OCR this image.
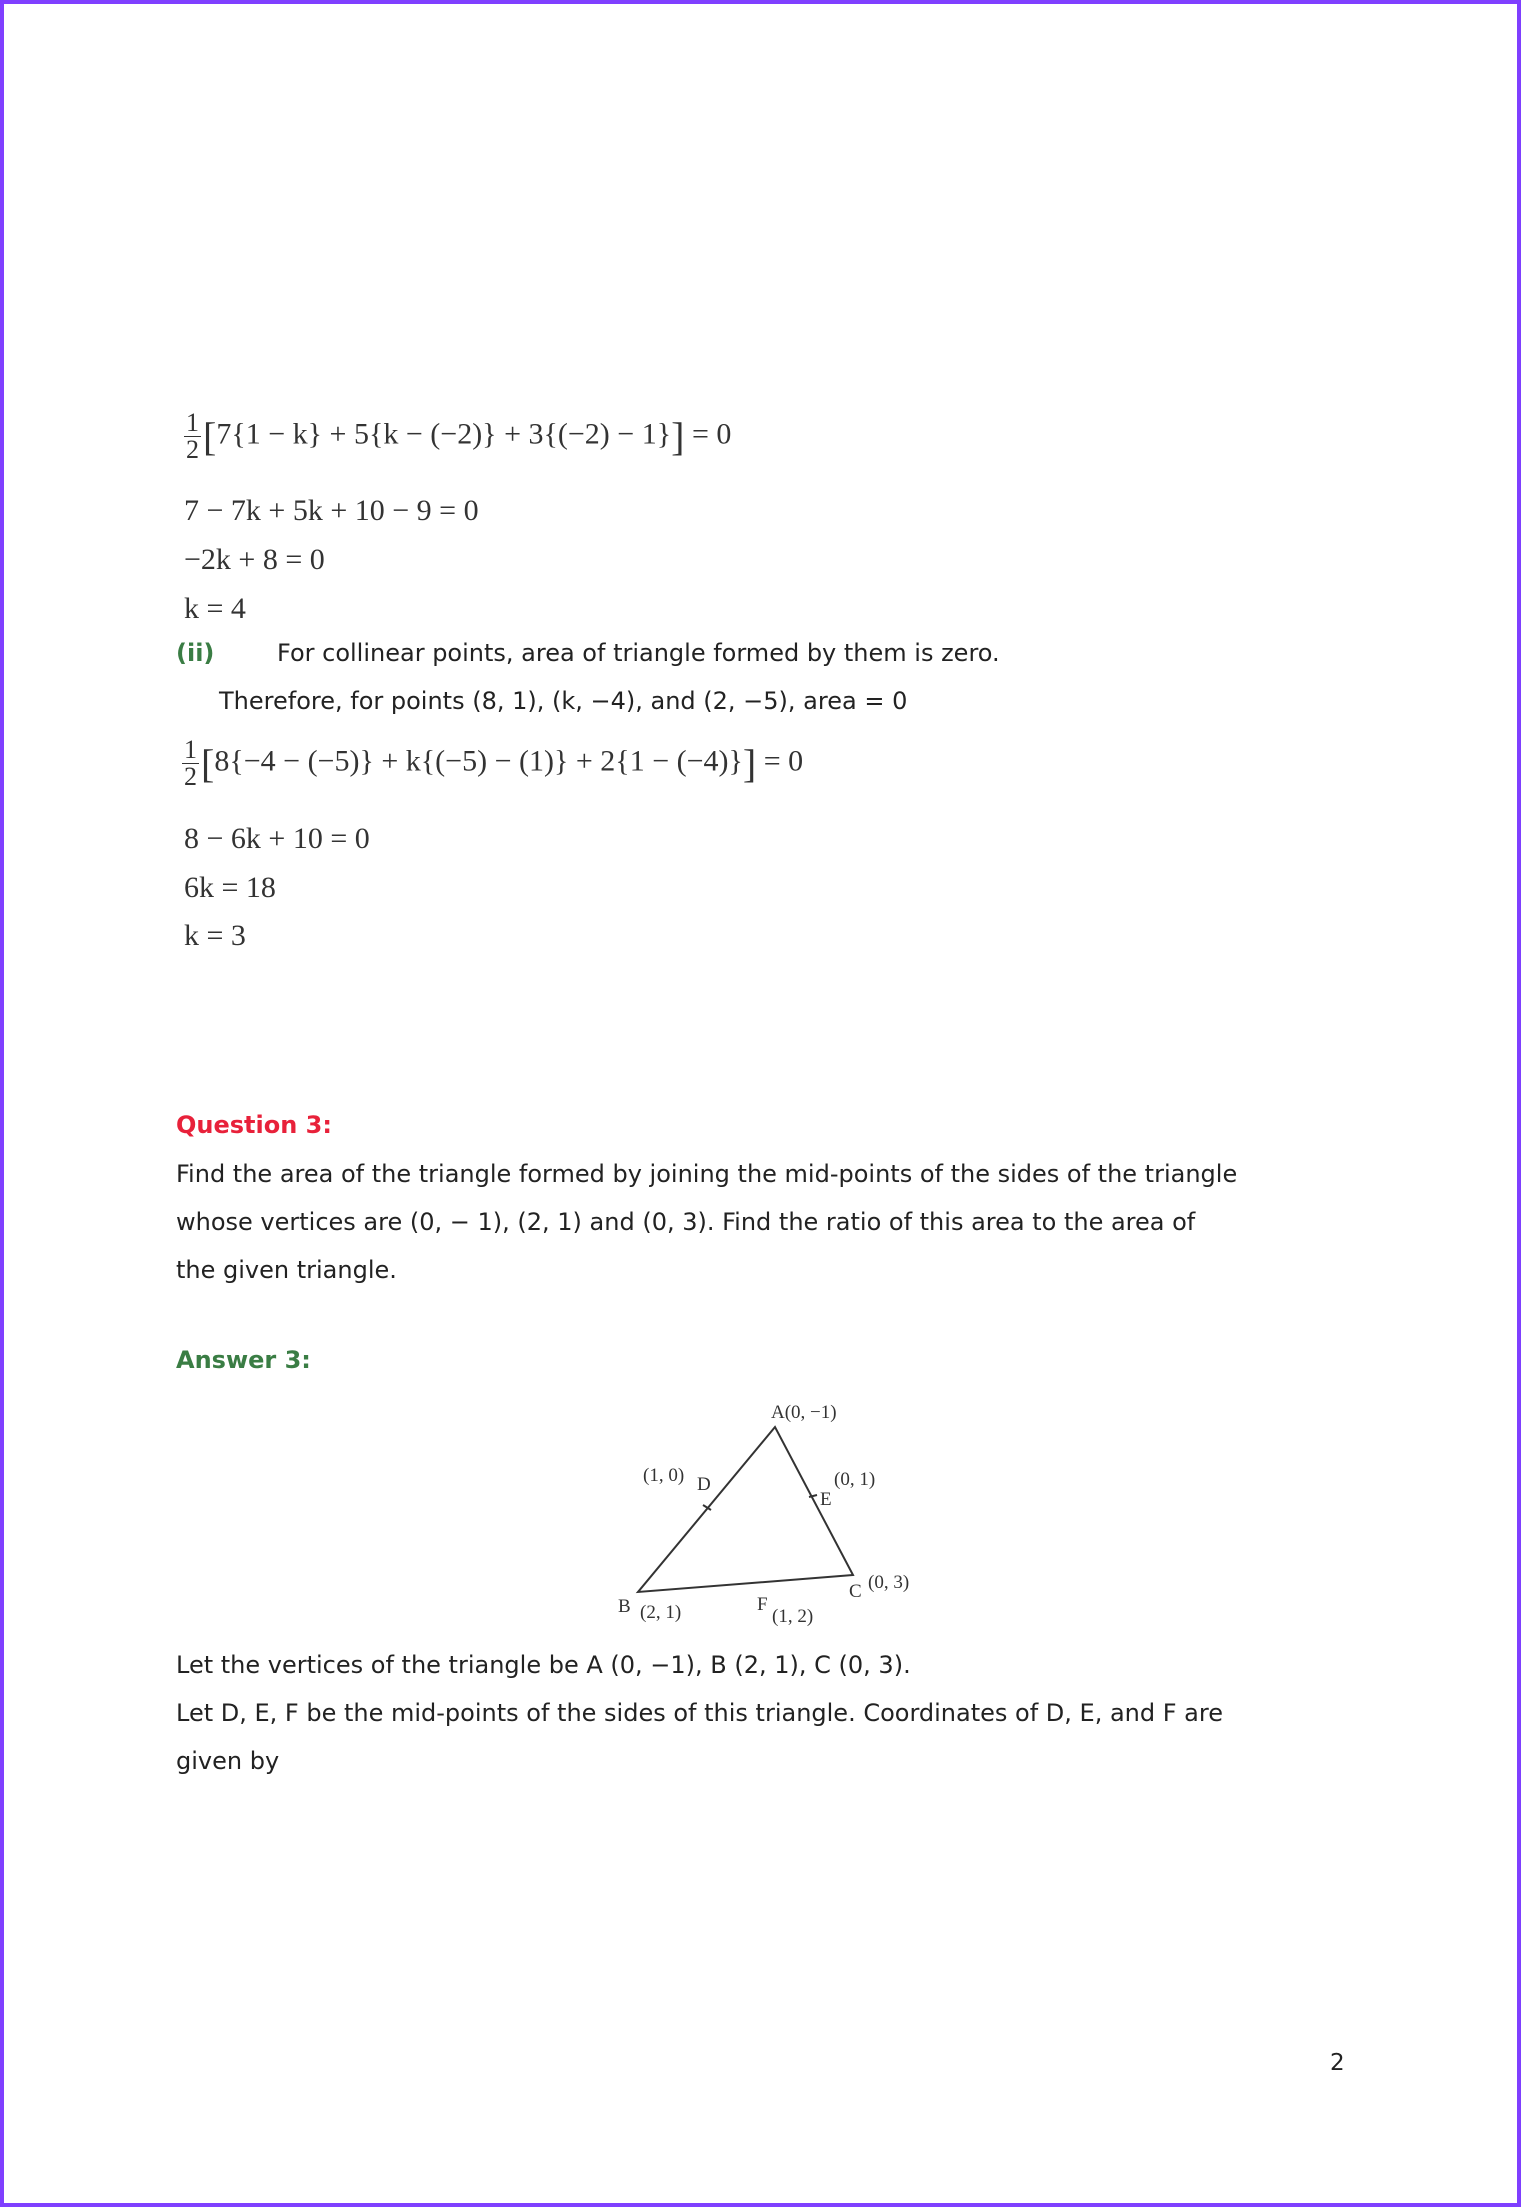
$\frac{1}{2} [7\{1 - k\} + 5\{k - (-2)\} + 3\{(-2) - 1\}] = 0$
7 − 7k + 5k + 10 − 9 = 0
−2k + 8 = 0
k = 4
(ii)	For collinear points, area of triangle formed by them is zero.
Therefore, for points (8, 1), (k, −4), and (2, −5), area = 0
$\frac{1}{2} [8\{-4 - (-5)\} + k\{(-5) - (1)\} + 2\{1 - (-4)\}] = 0$
8 − 6k + 10 = 0
6k = 18
k = 3
Question 3:
Find the area of the triangle formed by joining the mid-points of the sides of the triangle
whose vertices are (0, − 1), (2, 1) and (0, 3). Find the ratio of this area to the area of
the given triangle.
Answer 3:
A(0, −1)
(1, 0) D
E
(0, 1)
C (0, 3)
B (2, 1)	F
(1, 2)
Let the vertices of the triangle be A (0, −1), B (2, 1), C (0, 3).
Let D, E, F be the mid-points of the sides of this triangle. Coordinates of D, E, and F are
given by
2
